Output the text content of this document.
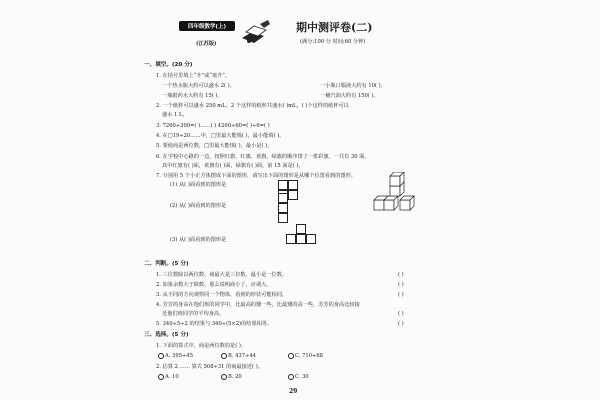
四年级数学(上)
(江苏版)
期中测评卷(二)
(满分:100 分 时间:60 分钟)
一、填空。(20 分)
1. 在括号里填上“升”或“毫升”。
一个热水瓶大约可以盛水 2( )。	一小瓶口服液大约有 10( )。
一瓶眼药水大约有 15( )。	一桶汽油大约有 150( )。
2. 一个纸杯可以盛水 250 mL，2 个这样的纸杯共盛水( )mL，( )个这样的纸杯可以
盛水 1 L。
3. 7260÷300=( )……( ) 4200÷60=( )÷6=( )
4. 在□19÷20……中，□里最大能填( )，最小能填( )。
5. 要使商是两位数，□里最大能填( )，最小是( )。
6. 在学校中心路的一边，按照红旗、红旗、黄旗、绿旗的顺序排了一排彩旗，一共有 30 面，
其中红旗有( )面，黄旗有( )面，绿旗有( )面，第 15 面是( )。
7. 分别用 5 个小正方体摆成下面的图形，请写出下面的图形是从哪个位置看到的图形。
(1) 从( )面看到的图形是
(2) 从( )面看到的图形是
(3) 从( )面看到的图形是
二、判断。(5 分)
1. 三位数除以两位数，商最大是三位数，最小是一位数。	( )
2. 如果余数大于除数，那么说明商小了，应调大。	( )
3. 从不同的方向观察同一个物体，看到的形状可能相同。	( )
4. 芳芳的身高在他们班的同学中，比最高的矮一些，比最矮的高一些，芳芳的身高比较接
近他们班同学的平均身高。	( )
5. 340÷5÷2 的结果与 340÷(5×2)的结果相等。	( )
三、选择。(5 分)
1. 下面的算式中，商是两位数的是( )。
A. 395÷45	B. 437÷44	C. 710÷68
2. 估算 2 …… 算式 508÷31 的商最接近( )。
A. 10	B. 20	C. 30
29
